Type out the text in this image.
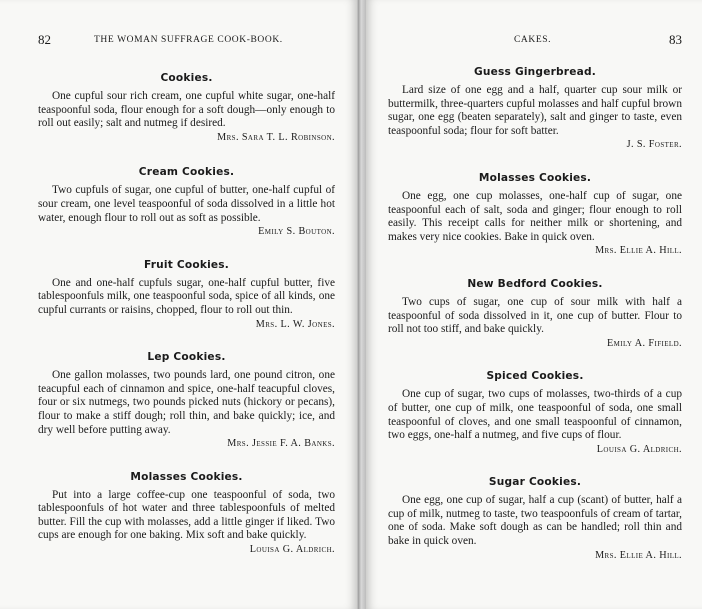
82	THE WOMAN SUFFRAGE COOK-BOOK.
Cookies.

One cupful sour rich cream, one cupful white sugar, one-half teaspoonful soda, flour enough for a soft dough—only enough to roll out easily; salt and nutmeg if desired.

Mrs. Sara T. L. Robinson.
Cream Cookies.

Two cupfuls of sugar, one cupful of butter, one-half cupful of sour cream, one level teaspoonful of soda dissolved in a little hot water, enough flour to roll out as soft as possible.

Emily S. Bouton.
Fruit Cookies.

One and one-half cupfuls sugar, one-half cupful butter, five tablespoonfuls milk, one teaspoonful soda, spice of all kinds, one cupful currants or raisins, chopped, flour to roll out thin.

Mrs. L. W. Jones.
Lep Cookies.

One gallon molasses, two pounds lard, one pound citron, one teacupful each of cinnamon and spice, one-half teacupful cloves, four or six nutmegs, two pounds picked nuts (hickory or pecans), flour to make a stiff dough; roll thin, and bake quickly; ice, and dry well before putting away.

Mrs. Jessie F. A. Banks.
Molasses Cookies.

Put into a large coffee-cup one teaspoonful of soda, two tablespoonfuls of hot water and three tablespoonfuls of melted butter. Fill the cup with molasses, add a little ginger if liked. Two cups are enough for one baking. Mix soft and bake quickly.

Louisa G. Aldrich.
CAKES.	83
Guess Gingerbread.

Lard size of one egg and a half, quarter cup sour milk or buttermilk, three-quarters cupful molasses and half cupful brown sugar, one egg (beaten separately), salt and ginger to taste, even teaspoonful soda; flour for soft batter.

J. S. Foster.
Molasses Cookies.

One egg, one cup molasses, one-half cup of sugar, one teaspoonful each of salt, soda and ginger; flour enough to roll easily. This receipt calls for neither milk or shortening, and makes very nice cookies. Bake in quick oven.

Mrs. Ellie A. Hill.
New Bedford Cookies.

Two cups of sugar, one cup of sour milk with half a teaspoonful of soda dissolved in it, one cup of butter. Flour to roll not too stiff, and bake quickly.

Emily A. Fifield.
Spiced Cookies.

One cup of sugar, two cups of molasses, two-thirds of a cup of butter, one cup of milk, one teaspoonful of soda, one small teaspoonful of cloves, and one small teaspoonful of cinnamon, two eggs, one-half a nutmeg, and five cups of flour.

Louisa G. Aldrich.
Sugar Cookies.

One egg, one cup of sugar, half a cup (scant) of butter, half a cup of milk, nutmeg to taste, two teaspoonfuls of cream of tartar, one of soda. Make soft dough as can be handled; roll thin and bake in quick oven.

Mrs. Ellie A. Hill.
